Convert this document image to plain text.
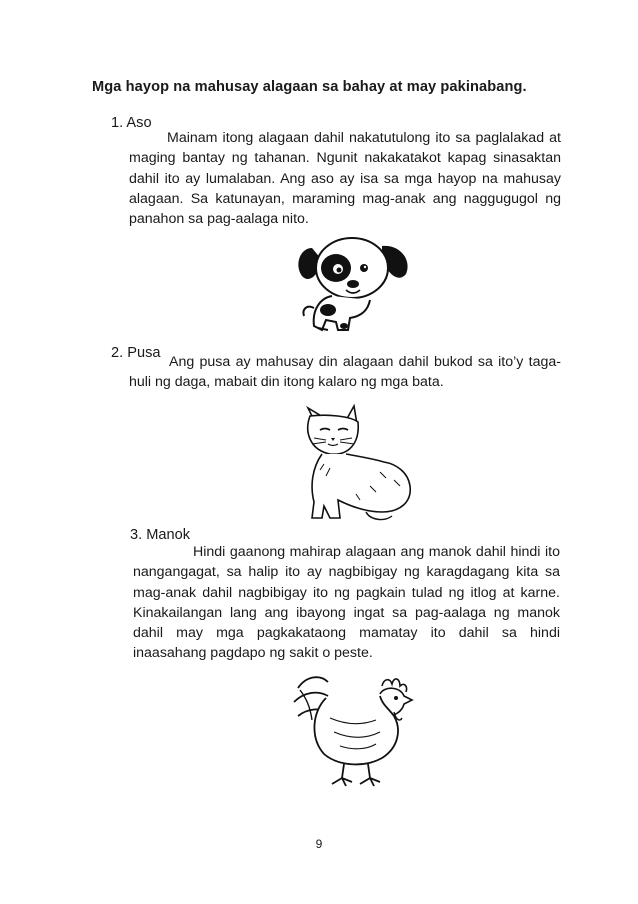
Mga hayop na mahusay alagaan sa bahay at may pakinabang.
1. Aso
Mainam itong alagaan dahil nakatutulong ito sa paglalakad at maging bantay ng tahanan. Ngunit nakakatakot kapag sinasaktan dahil ito ay lumalaban. Ang aso ay isa sa mga hayop na mahusay alagaan. Sa katunayan, maraming mag-anak ang naggugugol ng panahon sa pag-aalaga nito.
2. Pusa
Ang pusa ay mahusay din alagaan dahil bukod sa ito’y taga-huli ng daga, mabait din itong kalaro ng mga bata.
3. Manok
Hindi gaanong mahirap alagaan ang manok dahil hindi ito nangangagat, sa halip ito ay nagbibigay ng karagdagang kita sa mag-anak dahil nagbibigay ito ng pagkain tulad ng itlog at karne. Kinakailangan lang ang ibayong ingat sa pag-aalaga ng manok dahil may mga pagkakataong mamatay ito dahil sa hindi inaasahang pagdapo ng sakit o peste.
9
